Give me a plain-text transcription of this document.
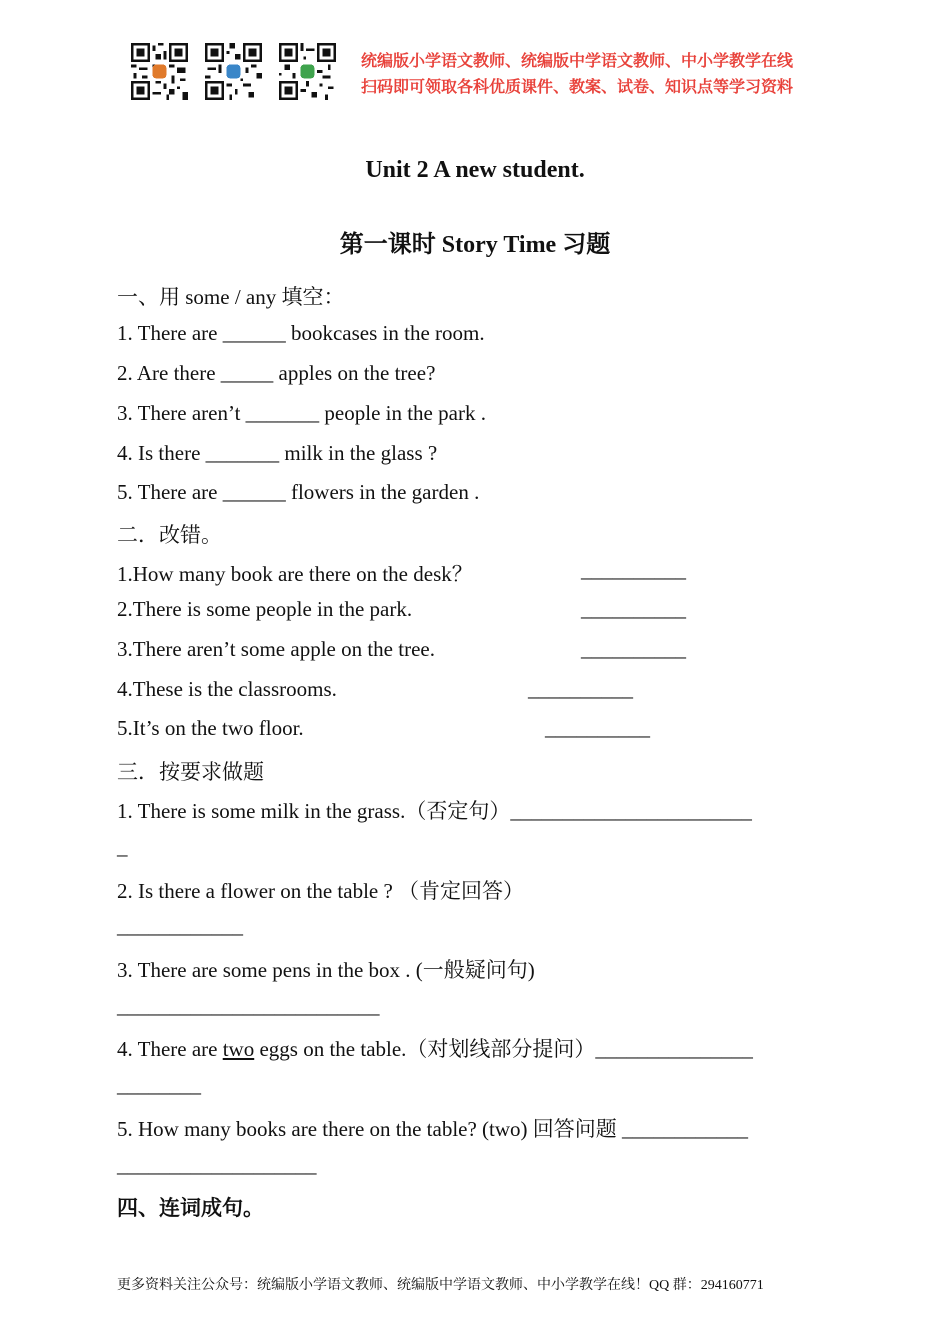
统编版小学语文教师、统编版中学语文教师、中小学教学在线
扫码即可领取各科优质课件、教案、试卷、知识点等学习资料
Unit 2 A new student.
第一课时 Story Time 习题
一、用 some / any 填空：
1. There are ______ bookcases in the room.
2. Are there _____ apples on the tree?
3. There aren’t _______ people in the park .
4. Is there _______ milk in the glass ?
5. There are ______ flowers in the garden .
二．改错。
1.How many book are there on the desk？	__________
2.There is some people in the park.	__________
3.There aren’t some apple on the tree.	__________
4.These is the classrooms.	__________
5.It’s on the two floor.	__________
三．按要求做题
1. There is some milk in the grass.（否定句）_______________________
_
2. Is there a flower on the table ? （肯定回答）
____________
3. There are some pens in the box . (一般疑问句)
_________________________
4. There are two eggs on the table.（对划线部分提问）_______________
________
5. How many books are there on the table? (two) 回答问题 ____________
___________________
四、连词成句。
更多资料关注公众号：统编版小学语文教师、统编版中学语文教师、中小学教学在线！QQ 群：294160771
